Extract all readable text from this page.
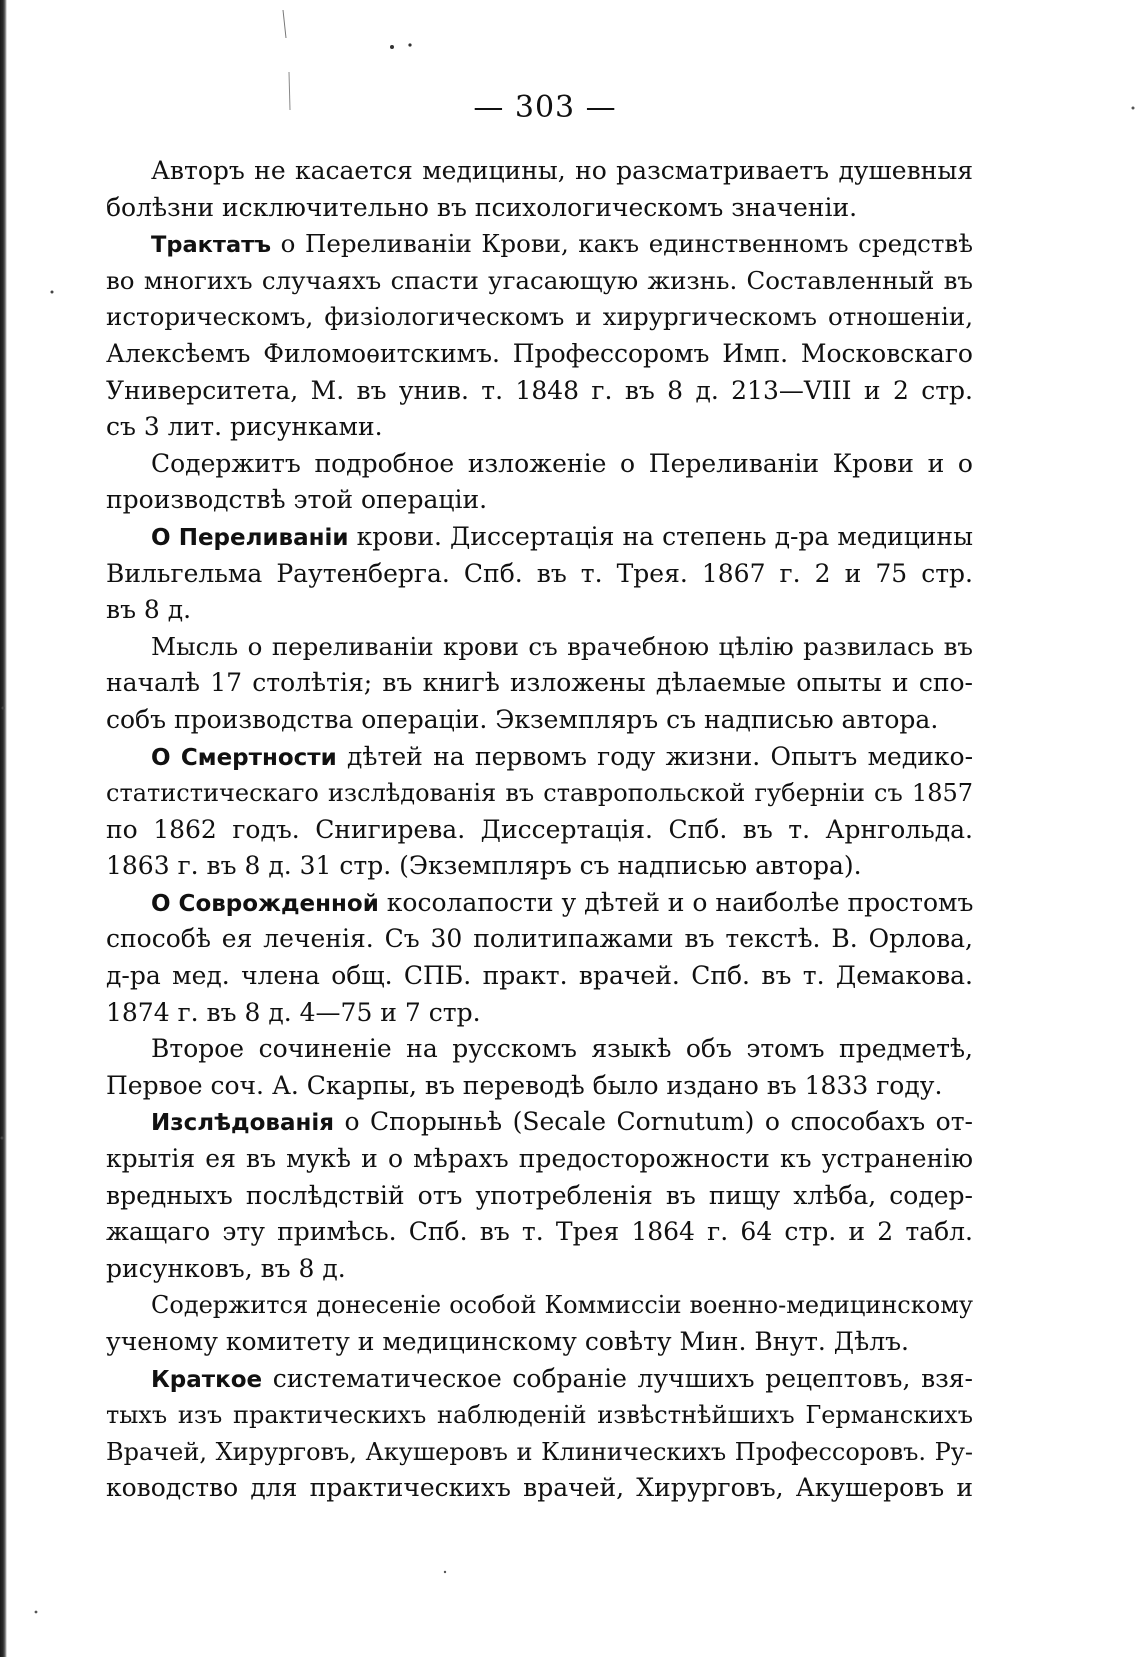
— 303 —
Авторъ не касается медицины, но разсматриваетъ душевныя
болѣзни исключительно въ психологическомъ значеніи.
Трактатъ о Переливаніи Крови, какъ единственномъ средствѣ
во многихъ случаяхъ спасти угасающую жизнь. Составленный въ
историческомъ, физіологическомъ и хирургическомъ отношеніи,
Алексѣемъ Филомоѳитскимъ. Профессоромъ Имп. Московскаго
Университета, М. въ унив. т. 1848 г. въ 8 д. 213—VIII и 2 стр.
съ 3 лит. рисунками.
Содержитъ подробное изложеніе о Переливаніи Крови и о
производствѣ этой операціи.
О Переливаніи крови. Диссертація на степень д-ра медицины
Вильгельма Раутенберга. Спб. въ т. Трея. 1867 г. 2 и 75 стр.
въ 8 д.
Мысль о переливаніи крови съ врачебною цѣлію развилась въ
началѣ 17 столѣтія; въ книгѣ изложены дѣлаемые опыты и спо-
собъ производства операціи. Экземпляръ съ надписью автора.
О Смертности дѣтей на первомъ году жизни. Опытъ медико-
статистическаго изслѣдованія въ ставропольской губерніи съ 1857
по 1862 годъ. Снигирева. Диссертація. Спб. въ т. Арнгольда.
1863 г. въ 8 д. 31 стр. (Экземпляръ съ надписью автора).
О Соврожденной косолапости у дѣтей и о наиболѣе простомъ
способѣ ея леченія. Съ 30 политипажами въ текстѣ. В. Орлова,
д-ра мед. члена общ. СПБ. практ. врачей. Спб. въ т. Демакова.
1874 г. въ 8 д. 4—75 и 7 стр.
Второе сочиненіе на русскомъ языкѣ объ этомъ предметѣ,
Первое соч. А. Скарпы, въ переводѣ было издано въ 1833 году.
Изслѣдованія о Спорыньѣ (Secale Cornutum) о способахъ от-
крытія ея въ мукѣ и о мѣрахъ предосторожности къ устраненію
вредныхъ послѣдствій отъ употребленія въ пищу хлѣба, содер-
жащаго эту примѣсь. Спб. въ т. Трея 1864 г. 64 стр. и 2 табл.
рисунковъ, въ 8 д.
Содержится донесеніе особой Коммиссіи военно-медицинскому
ученому комитету и медицинскому совѣту Мин. Внут. Дѣлъ.
Краткое систематическое собраніе лучшихъ рецептовъ, взя-
тыхъ изъ практическихъ наблюденій извѣстнѣйшихъ Германскихъ
Врачей, Хирурговъ, Акушеровъ и Клиническихъ Профессоровъ. Ру-
ководство для практическихъ врачей, Хирурговъ, Акушеровъ и
